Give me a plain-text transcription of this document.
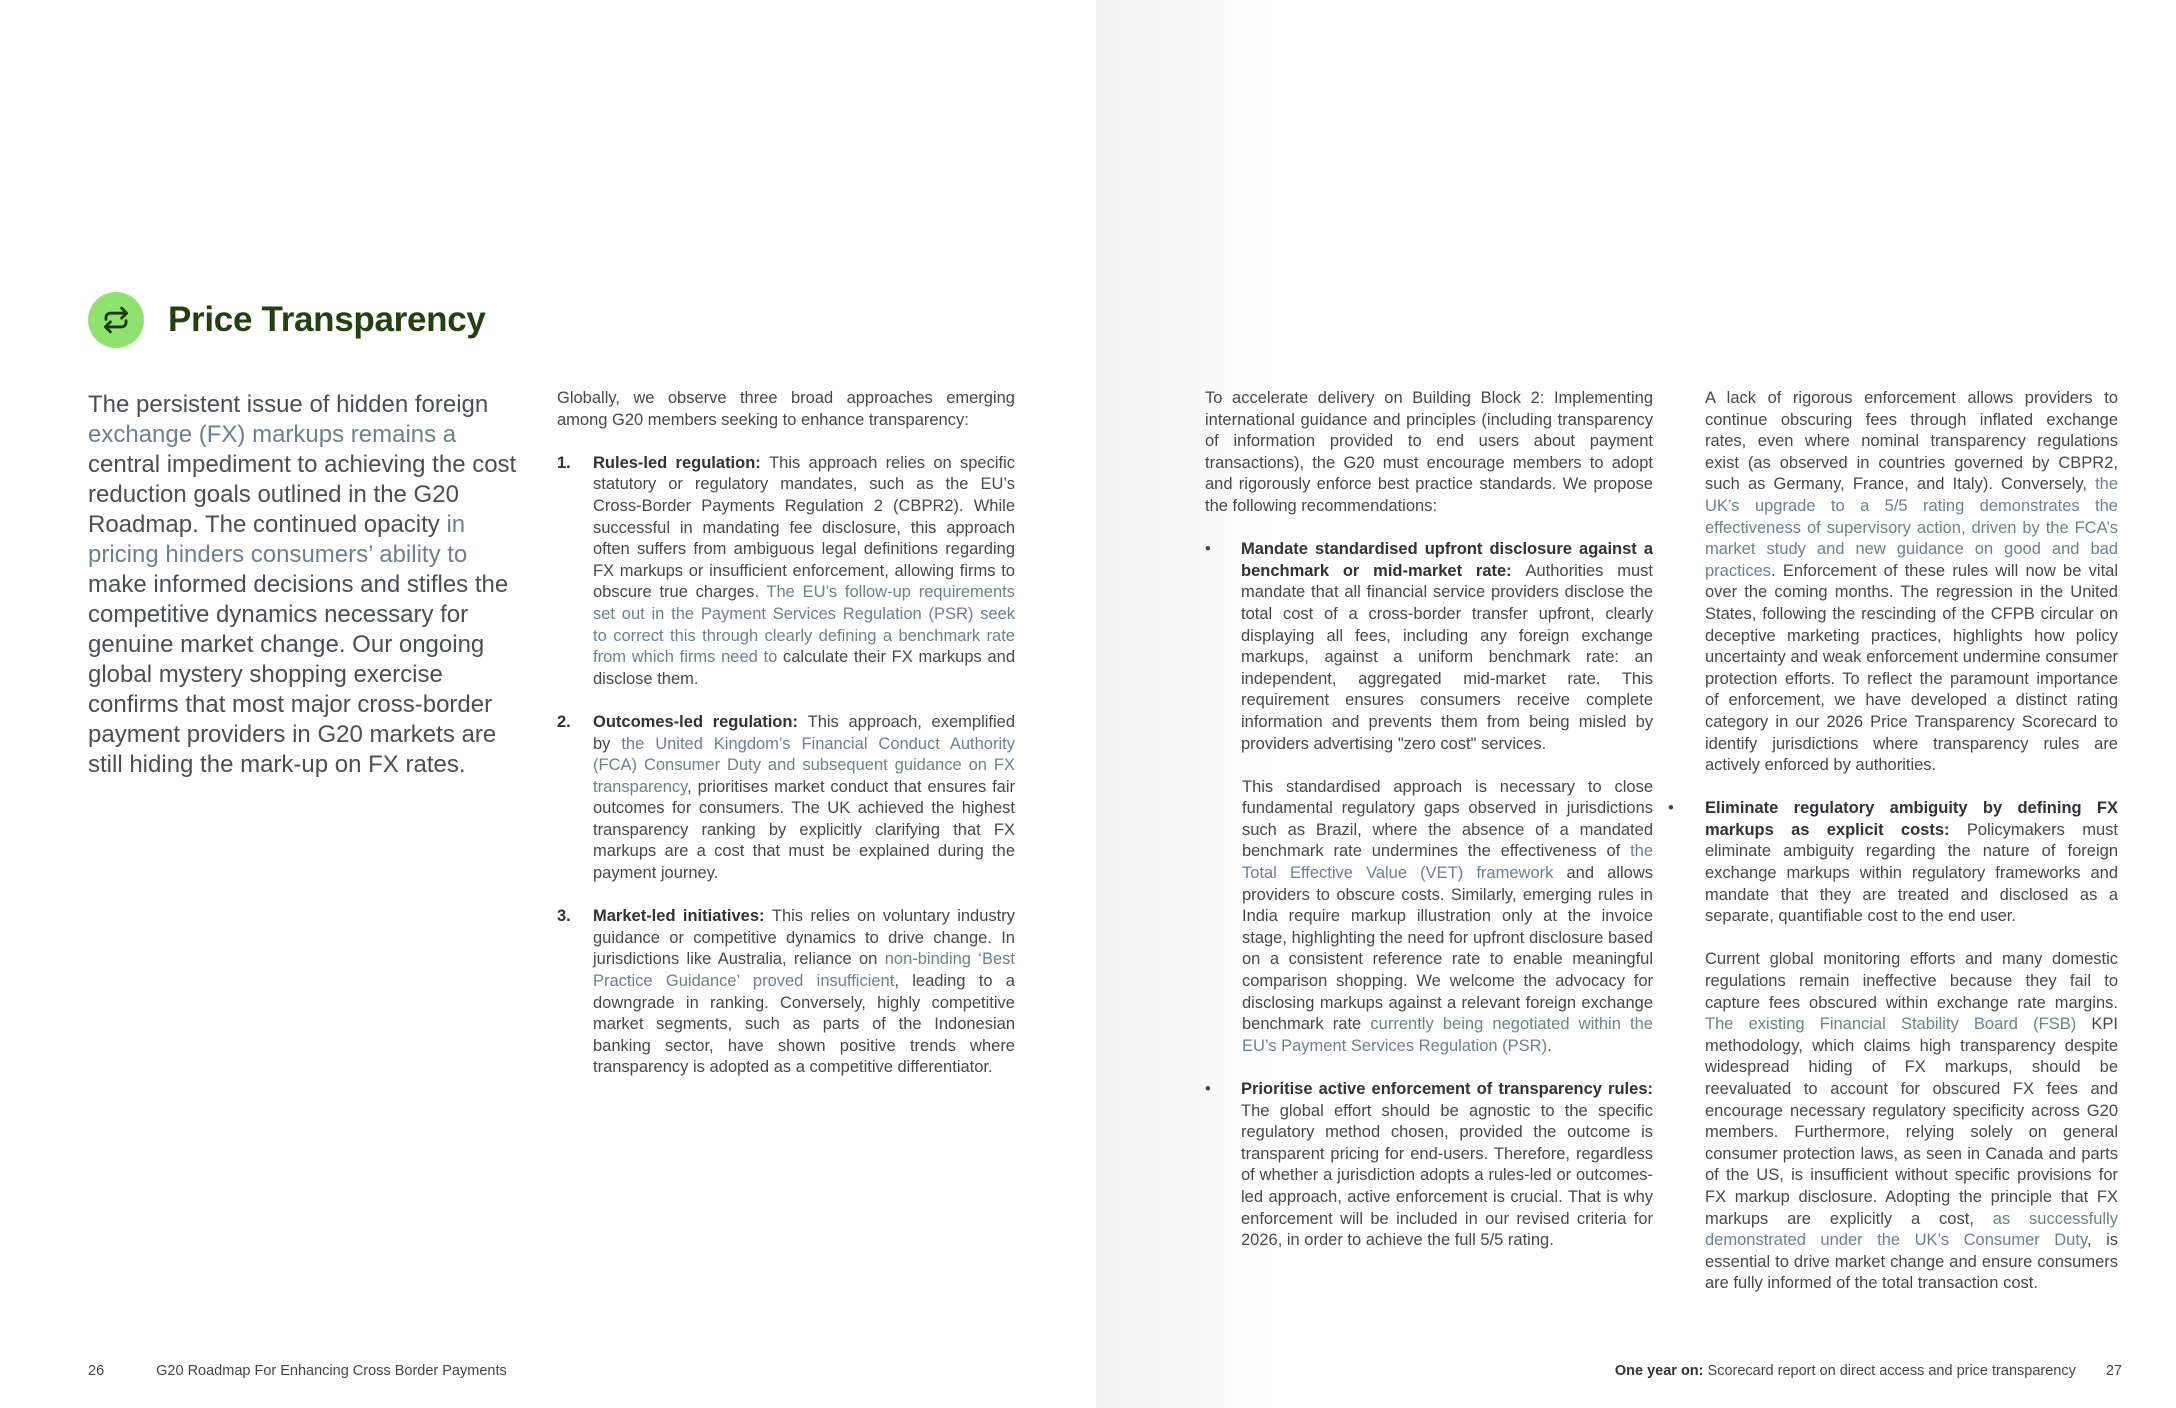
Price Transparency

The persistent issue of hidden foreign exchange (FX) markups remains a central impediment to achieving the cost reduction goals outlined in the G20 Roadmap. The continued opacity in pricing hinders consumers’ ability to make informed decisions and stifles the competitive dynamics necessary for genuine market change. Our ongoing global mystery shopping exercise confirms that most major cross-border payment providers in G20 markets are still hiding the mark-up on FX rates.

Globally, we observe three broad approaches emerging among G20 members seeking to enhance transparency:

1. Rules-led regulation: This approach relies on specific statutory or regulatory mandates, such as the EU’s Cross-Border Payments Regulation 2 (CBPR2). While successful in mandating fee disclosure, this approach often suffers from ambiguous legal definitions regarding FX markups or insufficient enforcement, allowing firms to obscure true charges. The EU’s follow-up requirements set out in the Payment Services Regulation (PSR) seek to correct this through clearly defining a benchmark rate from which firms need to calculate their FX markups and disclose them.
2. Outcomes-led regulation: This approach, exemplified by the United Kingdom’s Financial Conduct Authority (FCA) Consumer Duty and subsequent guidance on FX transparency, prioritises market conduct that ensures fair outcomes for consumers. The UK achieved the highest transparency ranking by explicitly clarifying that FX markups are a cost that must be explained during the payment journey.
3. Market-led initiatives: This relies on voluntary industry guidance or competitive dynamics to drive change. In jurisdictions like Australia, reliance on non-binding ‘Best Practice Guidance’ proved insufficient, leading to a downgrade in ranking. Conversely, highly competitive market segments, such as parts of the Indonesian banking sector, have shown positive trends where transparency is adopted as a competitive differentiator.
26	G20 Roadmap For Enhancing Cross Border Payments

To accelerate delivery on Building Block 2: Implementing international guidance and principles (including transparency of information provided to end users about payment transactions), the G20 must encourage members to adopt and rigorously enforce best practice standards. We propose the following recommendations:

• Mandate standardised upfront disclosure against a benchmark or mid-market rate: Authorities must mandate that all financial service providers disclose the total cost of a cross-border transfer upfront, clearly displaying all fees, including any foreign exchange markups, against a uniform benchmark rate: an independent, aggregated mid-market rate. This requirement ensures consumers receive complete information and prevents them from being misled by providers advertising "zero cost" services.

This standardised approach is necessary to close fundamental regulatory gaps observed in jurisdictions such as Brazil, where the absence of a mandated benchmark rate undermines the effectiveness of the Total Effective Value (VET) framework and allows providers to obscure costs. Similarly, emerging rules in India require markup illustration only at the invoice stage, highlighting the need for upfront disclosure based on a consistent reference rate to enable meaningful comparison shopping. We welcome the advocacy for disclosing markups against a relevant foreign exchange benchmark rate currently being negotiated within the EU’s Payment Services Regulation (PSR).

• Prioritise active enforcement of transparency rules: The global effort should be agnostic to the specific regulatory method chosen, provided the outcome is transparent pricing for end-users. Therefore, regardless of whether a jurisdiction adopts a rules-led or outcomes-led approach, active enforcement is crucial. That is why enforcement will be included in our revised criteria for 2026, in order to achieve the full 5/5 rating.

A lack of rigorous enforcement allows providers to continue obscuring fees through inflated exchange rates, even where nominal transparency regulations exist (as observed in countries governed by CBPR2, such as Germany, France, and Italy). Conversely, the UK’s upgrade to a 5/5 rating demonstrates the effectiveness of supervisory action, driven by the FCA’s market study and new guidance on good and bad practices. Enforcement of these rules will now be vital over the coming months. The regression in the United States, following the rescinding of the CFPB circular on deceptive marketing practices, highlights how policy uncertainty and weak enforcement undermine consumer protection efforts. To reflect the paramount importance of enforcement, we have developed a distinct rating category in our 2026 Price Transparency Scorecard to identify jurisdictions where transparency rules are actively enforced by authorities.

• Eliminate regulatory ambiguity by defining FX markups as explicit costs: Policymakers must eliminate ambiguity regarding the nature of foreign exchange markups within regulatory frameworks and mandate that they are treated and disclosed as a separate, quantifiable cost to the end user.

Current global monitoring efforts and many domestic regulations remain ineffective because they fail to capture fees obscured within exchange rate margins. The existing Financial Stability Board (FSB) KPI methodology, which claims high transparency despite widespread hiding of FX markups, should be reevaluated to account for obscured FX fees and encourage necessary regulatory specificity across G20 members. Furthermore, relying solely on general consumer protection laws, as seen in Canada and parts of the US, is insufficient without specific provisions for FX markup disclosure. Adopting the principle that FX markups are explicitly a cost, as successfully demonstrated under the UK’s Consumer Duty, is essential to drive market change and ensure consumers are fully informed of the total transaction cost.

One year on: Scorecard report on direct access and price transparency 27
